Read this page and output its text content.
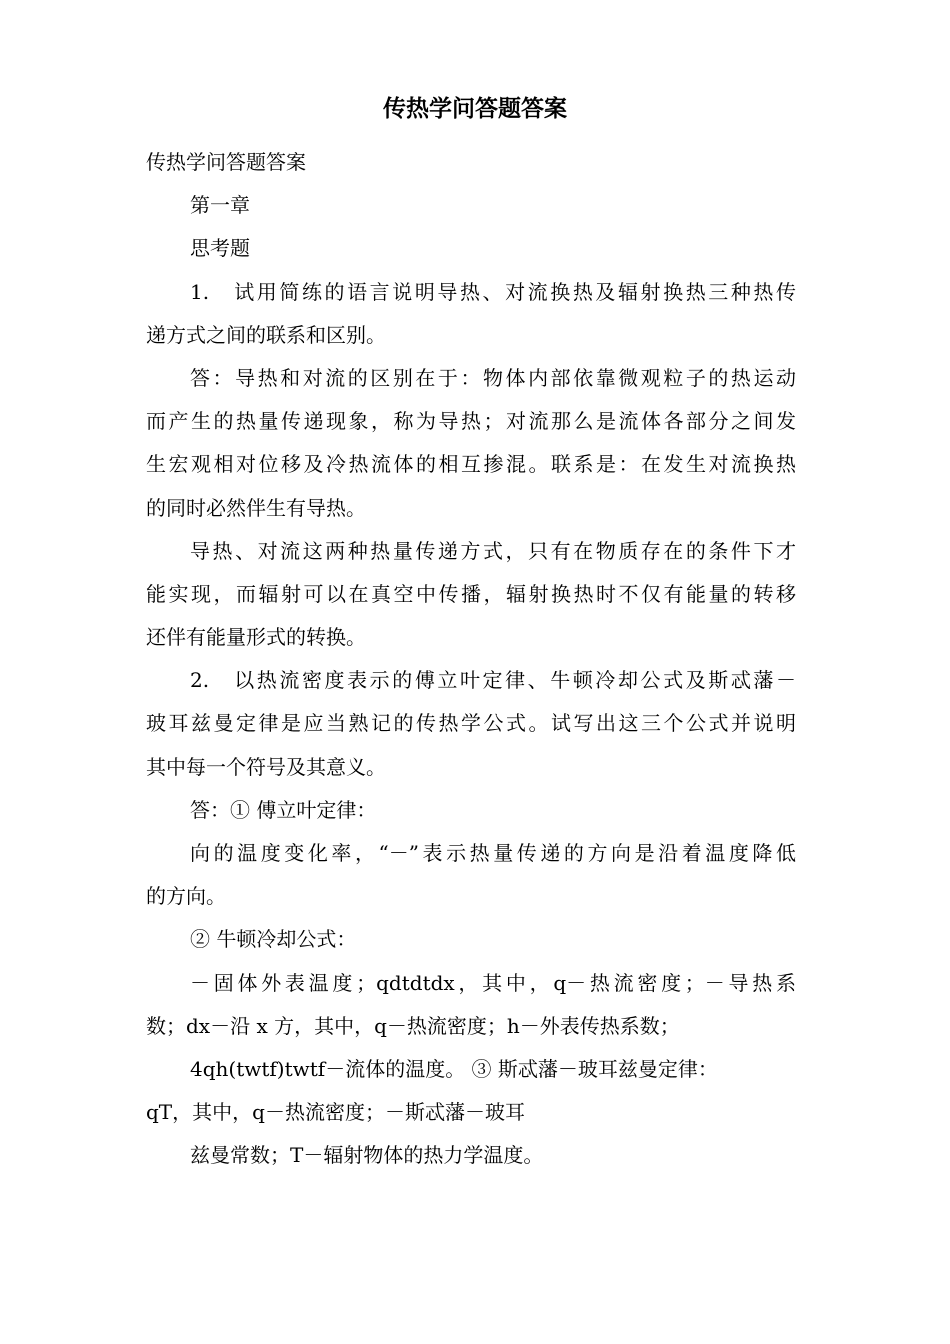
传热学问答题答案
传热学问答题答案
第一章
思考题
1.　试用简练的语言说明导热、对流换热及辐射换热三种热传
递方式之间的联系和区别。
答：导热和对流的区别在于：物体内部依靠微观粒子的热运动
而产生的热量传递现象，称为导热；对流那么是流体各部分之间发
生宏观相对位移及冷热流体的相互掺混。联系是：在发生对流换热
的同时必然伴生有导热。
导热、对流这两种热量传递方式，只有在物质存在的条件下才
能实现，而辐射可以在真空中传播，辐射换热时不仅有能量的转移
还伴有能量形式的转换。
2.　以热流密度表示的傅立叶定律、牛顿冷却公式及斯忒藩－
玻耳兹曼定律是应当熟记的传热学公式。试写出这三个公式并说明
其中每一个符号及其意义。
答：① 傅立叶定律：
向的温度变化率，“－”表示热量传递的方向是沿着温度降低
的方向。
② 牛顿冷却公式：
－固体外表温度；qdtdtdx，其中，q－热流密度；－导热系
数；dx－沿 x 方，其中，q－热流密度；h－外表传热系数；
4qh(twtf)twtf－流体的温度。 ③ 斯忒藩－玻耳兹曼定律：
qT，其中，q－热流密度；－斯忒藩－玻耳
兹曼常数；T－辐射物体的热力学温度。
